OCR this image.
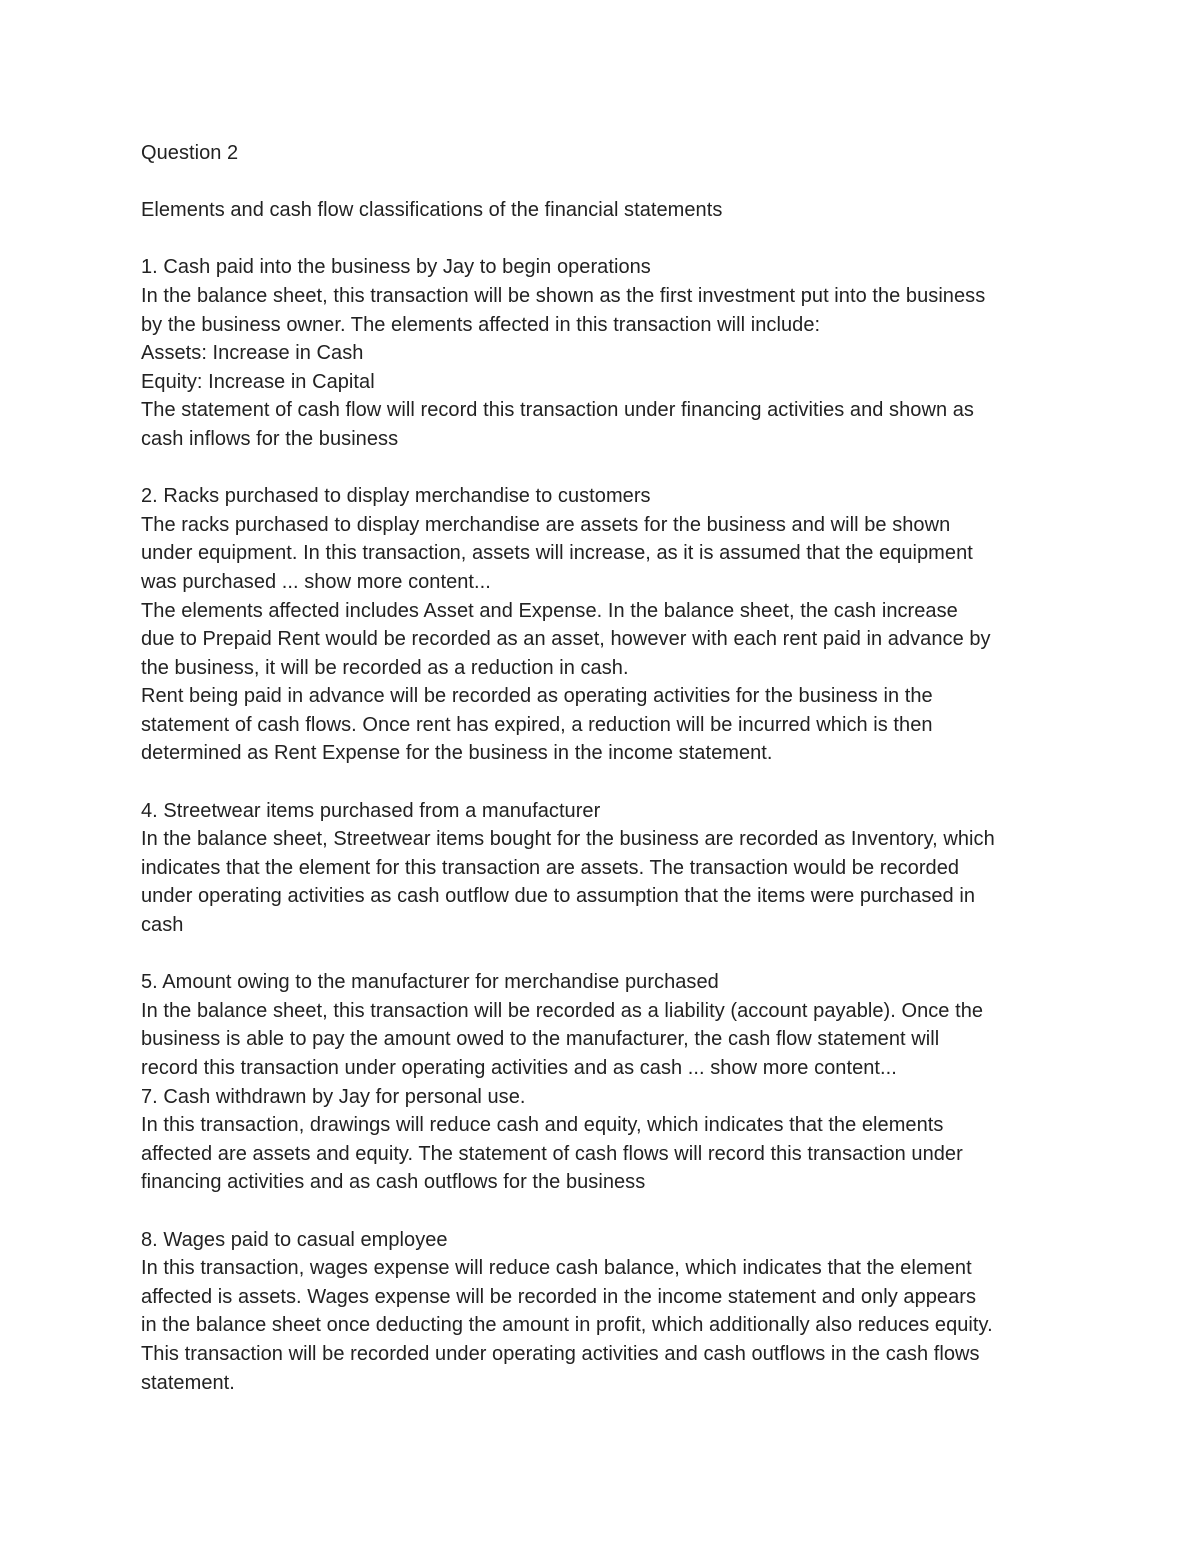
Question 2
Elements and cash flow classifications of the financial statements
1. Cash paid into the business by Jay to begin operations
In the balance sheet, this transaction will be shown as the first investment put into the business
by the business owner. The elements affected in this transaction will include:
Assets: Increase in Cash
Equity: Increase in Capital
The statement of cash flow will record this transaction under financing activities and shown as
cash inflows for the business
2. Racks purchased to display merchandise to customers
The racks purchased to display merchandise are assets for the business and will be shown
under equipment. In this transaction, assets will increase, as it is assumed that the equipment
was purchased ... show more content...
The elements affected includes Asset and Expense. In the balance sheet, the cash increase
due to Prepaid Rent would be recorded as an asset, however with each rent paid in advance by
the business, it will be recorded as a reduction in cash.
Rent being paid in advance will be recorded as operating activities for the business in the
statement of cash flows. Once rent has expired, a reduction will be incurred which is then
determined as Rent Expense for the business in the income statement.
4. Streetwear items purchased from a manufacturer
In the balance sheet, Streetwear items bought for the business are recorded as Inventory, which
indicates that the element for this transaction are assets. The transaction would be recorded
under operating activities as cash outflow due to assumption that the items were purchased in
cash
5. Amount owing to the manufacturer for merchandise purchased
In the balance sheet, this transaction will be recorded as a liability (account payable). Once the
business is able to pay the amount owed to the manufacturer, the cash flow statement will
record this transaction under operating activities and as cash ... show more content...
7. Cash withdrawn by Jay for personal use.
In this transaction, drawings will reduce cash and equity, which indicates that the elements
affected are assets and equity. The statement of cash flows will record this transaction under
financing activities and as cash outflows for the business
8. Wages paid to casual employee
In this transaction, wages expense will reduce cash balance, which indicates that the element
affected is assets. Wages expense will be recorded in the income statement and only appears
in the balance sheet once deducting the amount in profit, which additionally also reduces equity.
This transaction will be recorded under operating activities and cash outflows in the cash flows
statement.
